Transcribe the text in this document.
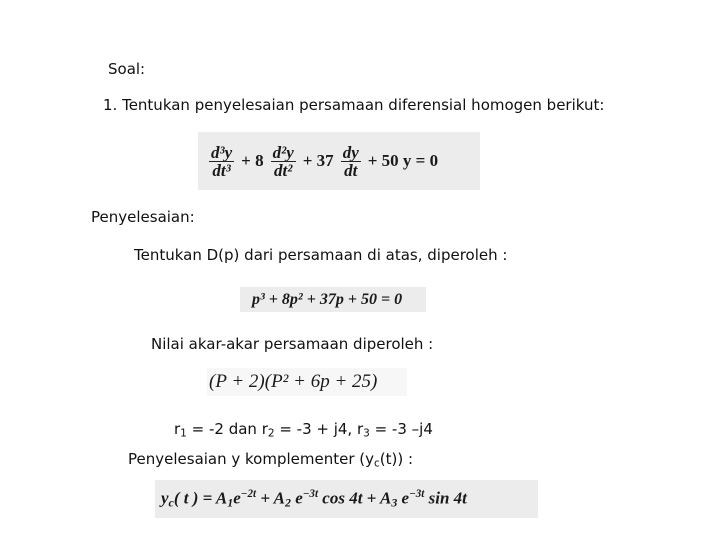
Soal:
1. Tentukan penyelesaian persamaan diferensial homogen berikut:
Penyelesaian:
Tentukan D(p) dari persamaan di atas, diperoleh :
Nilai akar-akar persamaan diperoleh :
$r_1 = -2$ dan $r_2 = -3 + j4$, $r_3 = -3$ –j4
Penyelesaian y komplementer $(y_c(t))$ :
$\frac{\text{d³y}}{\text{dt³}} + 8 \frac{\text{d²y}}{\text{dt²}} + 37 \frac{dy}{dt} + 50$ y = 0
p³ + 8p² + 37p + 50 = 0
(P + 2)(P² + 6p + 25)
$y_c$( t ) = $A_1e^{-2t} + A_2$ $e^{-3t}$ $\cos 4t + A_3$ $e^{-3t}$ sin 4t
